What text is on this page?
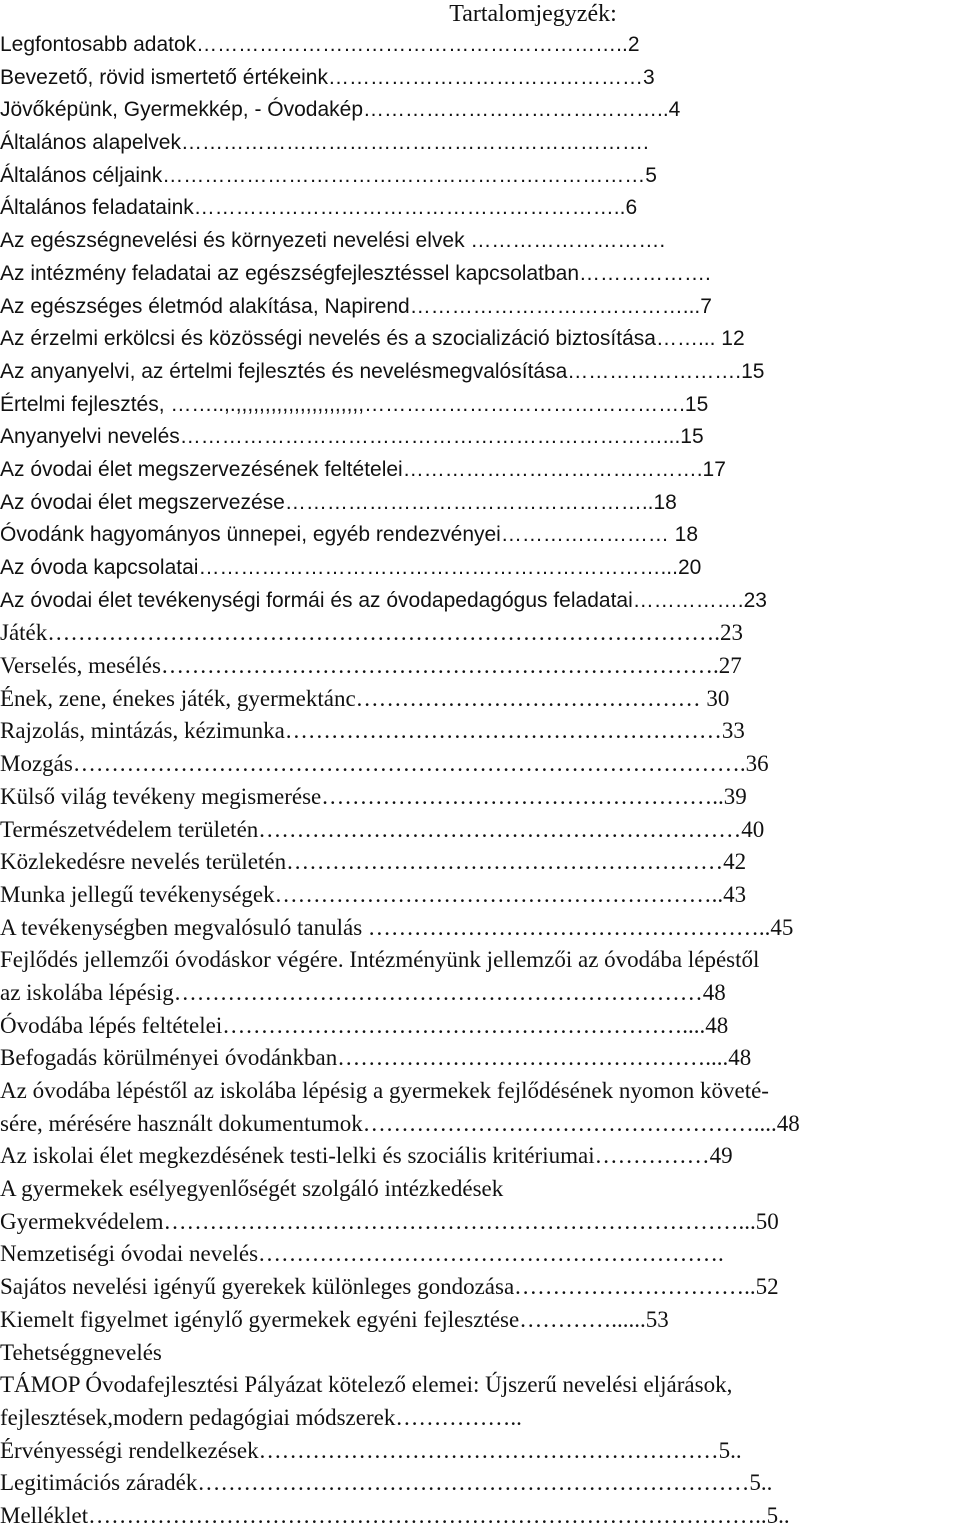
Tartalomjegyzék:
Legfontosabb adatok……………………………………………………..2
Bevezető, rövid ismertető értékeink………………………………………3
Jövőképünk, Gyermekkép, - Óvodakép……………………………………..4
Általános alapelvek………………………………………………………….
Általános céljaink……………………………………………………………5
Általános feladataink……………………………………………………..6
Az egészségnevelési és környezeti nevelési elvek ……………………….
Az intézmény feladatai az egészségfejlesztéssel kapcsolatban……………….
Az egészséges életmód alakítása, Napirend…………………………………...7
Az érzelmi erkölcsi és közösségi nevelés és a szocializáció biztosítása……... 12
Az anyanyelvi, az értelmi fejlesztés és nevelésmegvalósítása…………………….15
Értelmi fejlesztés, ……..,.,,,,,,,,,,,,,,,,,,,,,,……………………………………….15
Anyanyelvi nevelés……………………………………………………………...15
Az óvodai élet megszervezésének feltételei…………………………………….17
Az óvodai élet megszervezése……………………………………………..18
Óvodánk hagyományos ünnepei, egyéb rendezvényei…………………… 18
Az óvoda kapcsolatai…………………………………………………………...20
Az óvodai élet tevékenységi formái és az óvodapedagógus feladatai…………….23
Játék…………………………………………………………………………….23
Verselés, mesélés……………………………………………………………….27
Ének, zene, énekes játék, gyermektánc……………………………………… 30
Rajzolás, mintázás, kézimunka…………………………………………………33
Mozgás…………………………………………………………………………….36
Külső világ tevékeny megismerése……………………………………………..39
Természetvédelem területén………………………………………………………40
Közlekedésre nevelés területén…………………………………………………42
Munka jellegű tevékenységek…………………………………………………..43
A tevékenységben megvalósuló tanulás ……………………………………………..45
Fejlődés jellemzői óvodáskor végére. Intézményünk jellemzői az óvodába lépéstől
az iskolába lépésig……………………………………………………………48
Óvodába lépés feltételei……………………………………………………....48
Befogadás körülményei óvodánkban…………………………………………....48
Az óvodába lépéstől az iskolába lépésig a gyermekek fejlődésének nyomon követé-
sére, mérésére használt dokumentumok……………………………………………....48
Az iskolai élet megkezdésének testi-lelki és szociális kritériumai……………49
A gyermekek esélyegyenlőségét szolgáló intézkedések
Gyermekvédelem…………………………………………………………………...50
Nemzetiségi óvodai nevelés…………………………………………………….
Sajátos nevelési igényű gyerekek különleges gondozása…………………………..52
Kiemelt figyelmet igénylő gyermekek egyéni fejlesztése…………......53
Tehetséggnevelés
TÁMOP Óvodafejlesztési Pályázat kötelező elemei: Újszerű nevelési eljárások,
fejlesztések,modern pedagógiai módszerek……………..
Érvényességi rendelkezések……………………………………………………5..
Legitimációs záradék………………………………………………………………5..
Melléklet……………………………………………………………………………..5..
